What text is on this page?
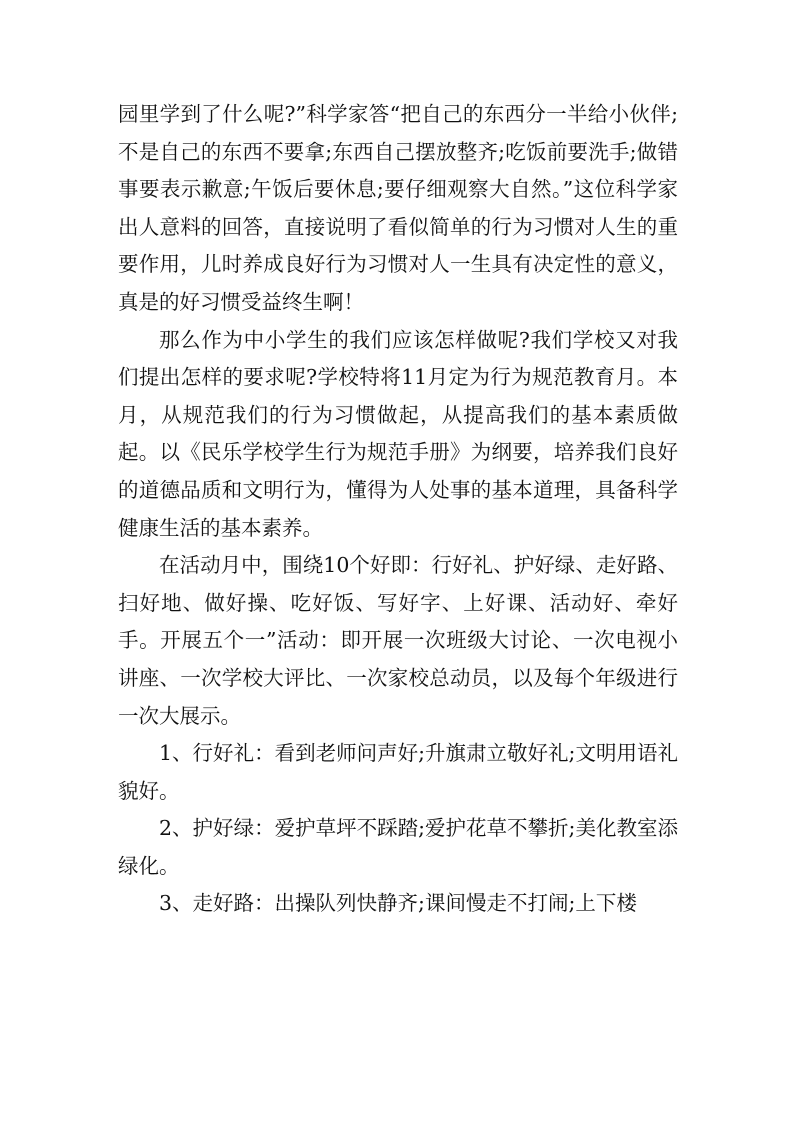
园里学到了什么呢?”科学家答“把自己的东西分一半给小伙伴;不是自己的东西不要拿;东西自己摆放整齐;吃饭前要洗手;做错事要表示歉意;午饭后要休息;要仔细观察大自然。”这位科学家出人意料的回答，直接说明了看似简单的行为习惯对人生的重要作用，儿时养成良好行为习惯对人一生具有决定性的意义，真是的好习惯受益终生啊！

那么作为中小学生的我们应该怎样做呢?我们学校又对我们提出怎样的要求呢?学校特将11月定为行为规范教育月。本月，从规范我们的行为习惯做起，从提高我们的基本素质做起。以《民乐学校学生行为规范手册》为纲要，培养我们良好的道德品质和文明行为，懂得为人处事的基本道理，具备科学健康生活的基本素养。

在活动月中，围绕10个好即：行好礼、护好绿、走好路、扫好地、做好操、吃好饭、写好字、上好课、活动好、牵好手。开展五个一”活动：即开展一次班级大讨论、一次电视小讲座、一次学校大评比、一次家校总动员，以及每个年级进行一次大展示。

1、行好礼：看到老师问声好;升旗肃立敬好礼;文明用语礼貌好。

2、护好绿：爱护草坪不踩踏;爱护花草不攀折;美化教室添绿化。

3、走好路：出操队列快静齐;课间慢走不打闹;上下楼
